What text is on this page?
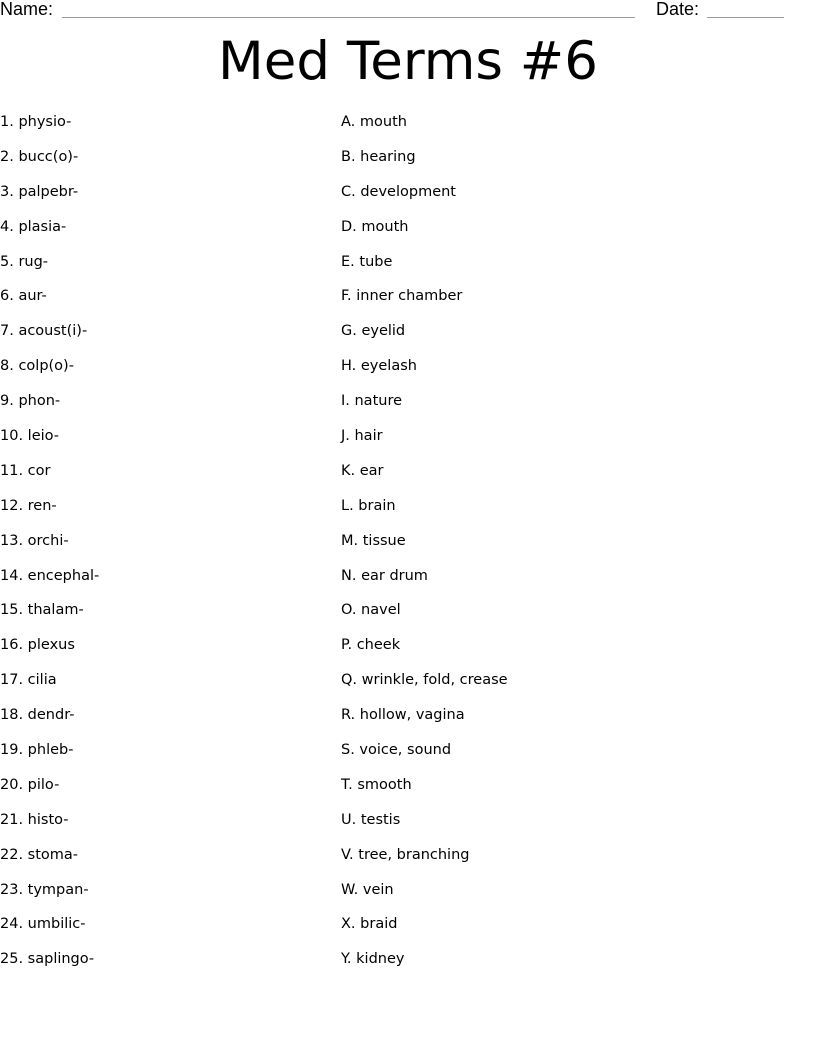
Name:	Date:
Med Terms #6
1. physio-
2. bucc(o)-
3. palpebr-
4. plasia-
5. rug-
6. aur-
7. acoust(i)-
8. colp(o)-
9. phon-
10. leio-
11. cor
12. ren-
13. orchi-
14. encephal-
15. thalam-
16. plexus
17. cilia
18. dendr-
19. phleb-
20. pilo-
21. histo-
22. stoma-
23. tympan-
24. umbilic-
25. saplingo-
A. mouth
B. hearing
C. development
D. mouth
E. tube
F. inner chamber
G. eyelid
H. eyelash
I. nature
J. hair
K. ear
L. brain
M. tissue
N. ear drum
O. navel
P. cheek
Q. wrinkle, fold, crease
R. hollow, vagina
S. voice, sound
T. smooth
U. testis
V. tree, branching
W. vein
X. braid
Y. kidney
